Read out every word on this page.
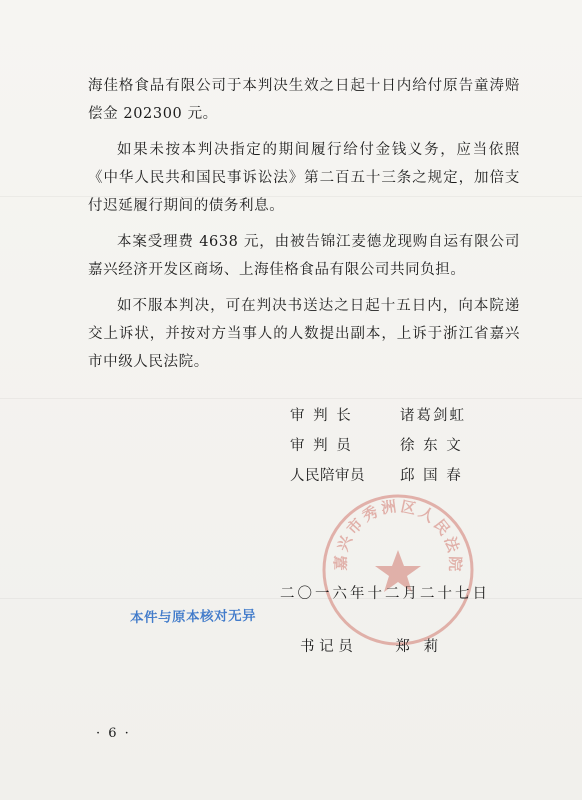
海佳格食品有限公司于本判决生效之日起十日内给付原告童涛赔偿金 202300 元。

如果未按本判决指定的期间履行给付金钱义务，应当依照《中华人民共和国民事诉讼法》第二百五十三条之规定，加倍支付迟延履行期间的债务利息。

本案受理费 4638 元，由被告锦江麦德龙现购自运有限公司嘉兴经济开发区商场、上海佳格食品有限公司共同负担。

如不服本判决，可在判决书送达之日起十五日内，向本院递交上诉状，并按对方当事人的人数提出副本，上诉于浙江省嘉兴市中级人民法院。

审 判 长	诸葛剑虹
审 判 员	徐 东 文
人民陪审员 邱 国 春
嘉兴市秀洲区人民法院
二〇一六年十二月二十七日
本件与原本核对无异
书 记 员	郑   莉
· 6 ·
